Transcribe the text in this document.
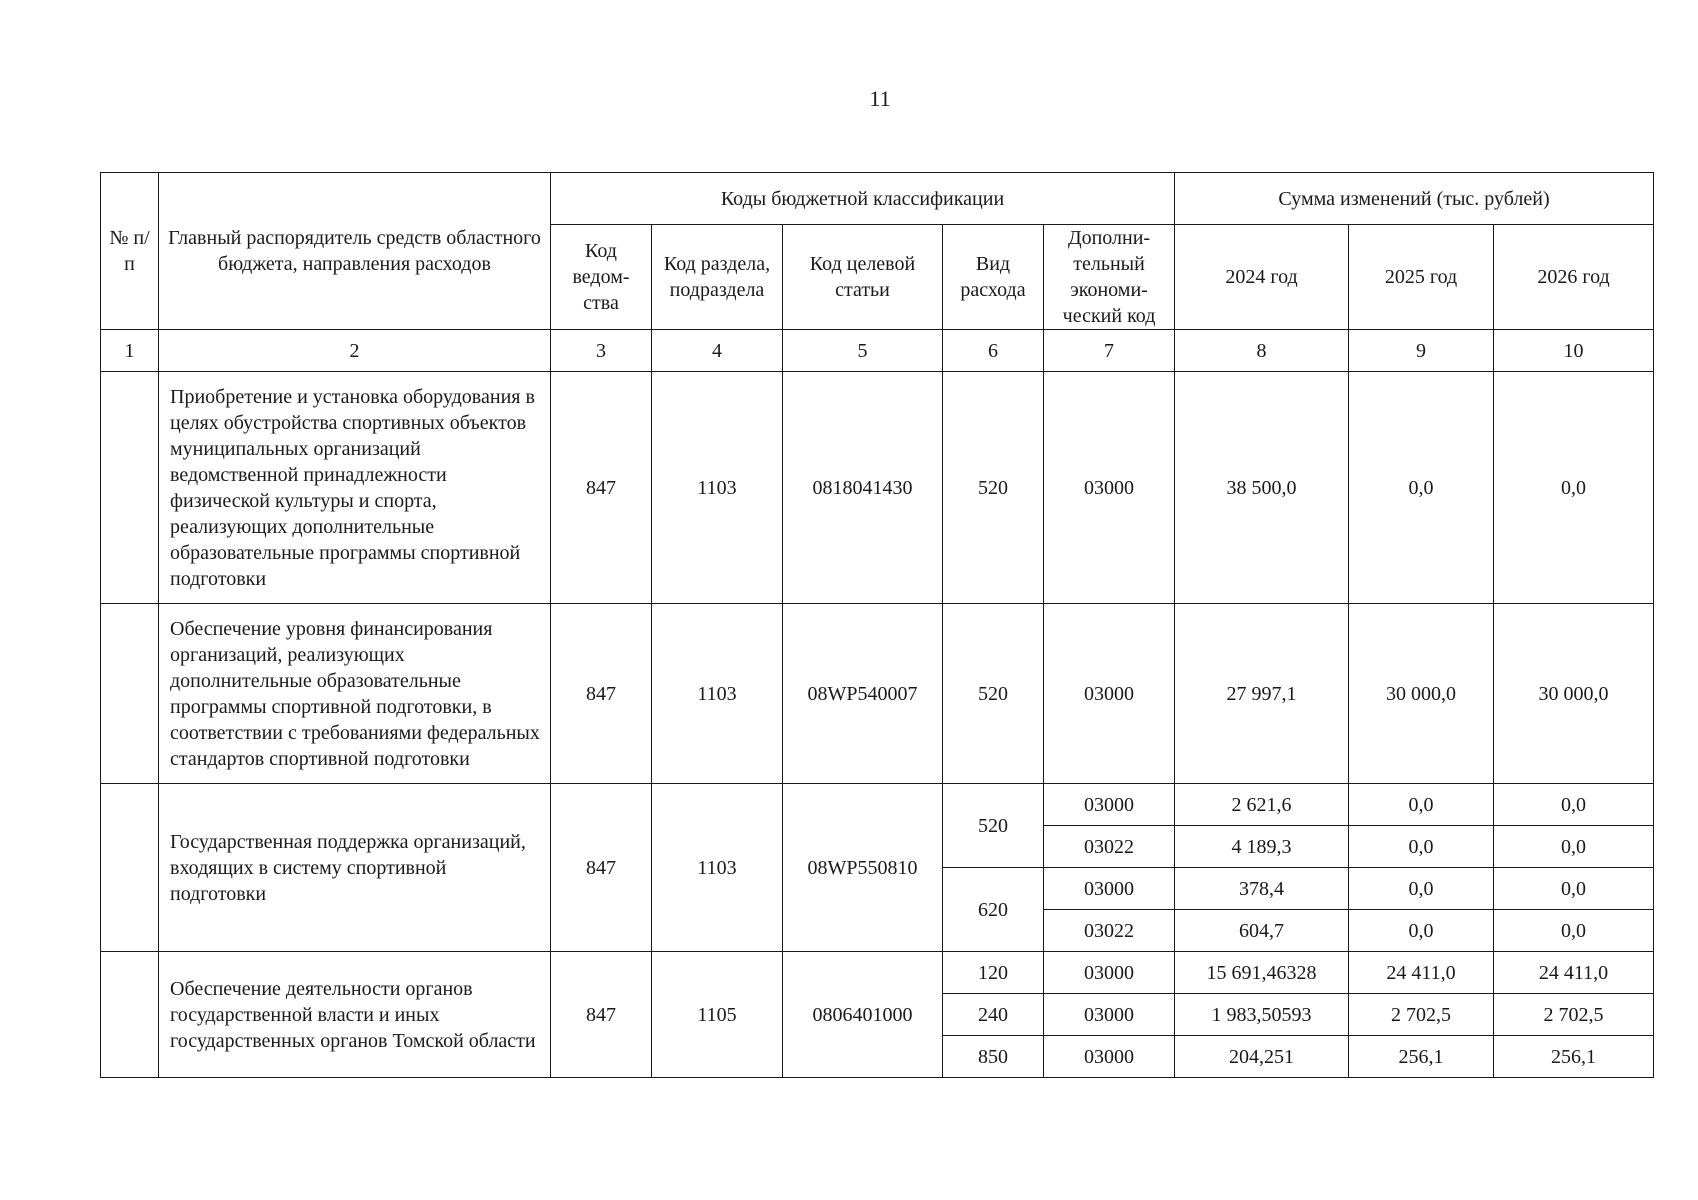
11
№ п/п	Главный распорядитель средств областного бюджета, направления расходов	Коды бюджетной классификации					Сумма изменений (тыс. рублей)		
		Код ведом-ства	Код раздела, подраздела	Код целевой статьи	Вид расхода	Дополни-тельный экономи-ческий код	2024 год	2025 год	2026 год
1	2	3	4	5	6	7	8	9	10
	Приобретение и установка оборудования в целях обустройства спортивных объектов муниципальных организаций ведомственной принадлежности физической культуры и спорта, реализующих дополнительные образовательные программы спортивной подготовки	847	1103	0818041430	520	03000	38 500,0	0,0	0,0
	Обеспечение уровня финансирования организаций, реализующих дополнительные образовательные программы спортивной подготовки, в соответствии с требованиями федеральных стандартов спортивной подготовки	847	1103	08WP540007	520	03000	27 997,1	30 000,0	30 000,0
	Государственная поддержка организаций, входящих в систему спортивной подготовки	847	1103	08WP550810	520	03000	2 621,6	0,0	0,0
						03022	4 189,3	0,0	0,0
					620	03000	378,4	0,0	0,0
						03022	604,7	0,0	0,0
	Обеспечение деятельности органов государственной власти и иных государственных органов Томской области	847	1105	0806401000	120	03000	15 691,46328	24 411,0	24 411,0
					240	03000	1 983,50593	2 702,5	2 702,5
					850	03000	204,251	256,1	256,1
